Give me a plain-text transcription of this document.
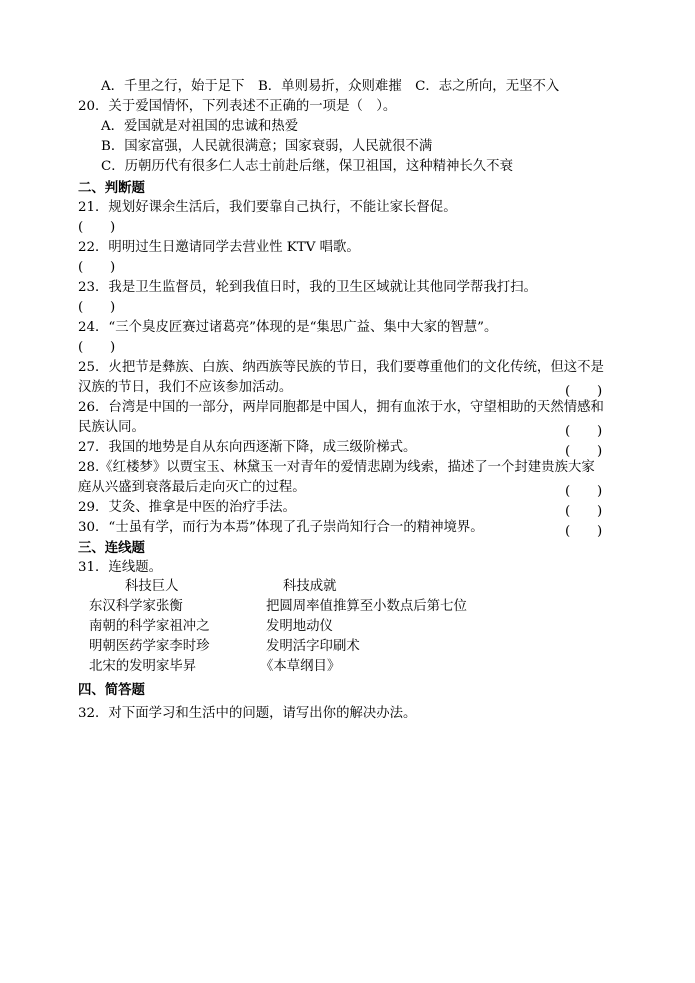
A．千里之行，始于足下　B．单则易折，众则难摧　C．志之所向，无坚不入
20．关于爱国情怀，下列表述不正确的一项是（　）。
A．爱国就是对祖国的忠诚和热爱
B．国家富强，人民就很满意；国家衰弱，人民就很不满
C．历朝历代有很多仁人志士前赴后继，保卫祖国，这种精神长久不衰
二、判断题
21．规划好课余生活后，我们要靠自己执行，不能让家长督促。
(　　)
22．明明过生日邀请同学去营业性 KTV 唱歌。
(　　)
23．我是卫生监督员，轮到我值日时，我的卫生区域就让其他同学帮我打扫。
(　　)
24．“三个臭皮匠赛过诸葛亮”体现的是“集思广益、集中大家的智慧”。
(　　)
25．火把节是彝族、白族、纳西族等民族的节日，我们要尊重他们的文化传统，但这不是
汉族的节日，我们不应该参加活动。	(　　)
26．台湾是中国的一部分，两岸同胞都是中国人，拥有血浓于水，守望相助的天然情感和
民族认同。	(　　)
27．我国的地势是自从东向西逐渐下降，成三级阶梯式。	(　　)
28.《红楼梦》以贾宝玉、林黛玉一对青年的爱情悲剧为线索，描述了一个封建贵族大家
庭从兴盛到衰落最后走向灭亡的过程。	(　　)
29．艾灸、推拿是中医的治疗手法。	(　　)
30．“士虽有学，而行为本焉”体现了孔子崇尚知行合一的精神境界。	(　　)
三、连线题
31．连线题。
科技巨人	科技成就
东汉科学家张衡	把圆周率值推算至小数点后第七位
南朝的科学家祖冲之	发明地动仪
明朝医药学家李时珍	发明活字印刷术
北宋的发明家毕昇	《本草纲目》
四、简答题
32．对下面学习和生活中的问题，请写出你的解决办法。
